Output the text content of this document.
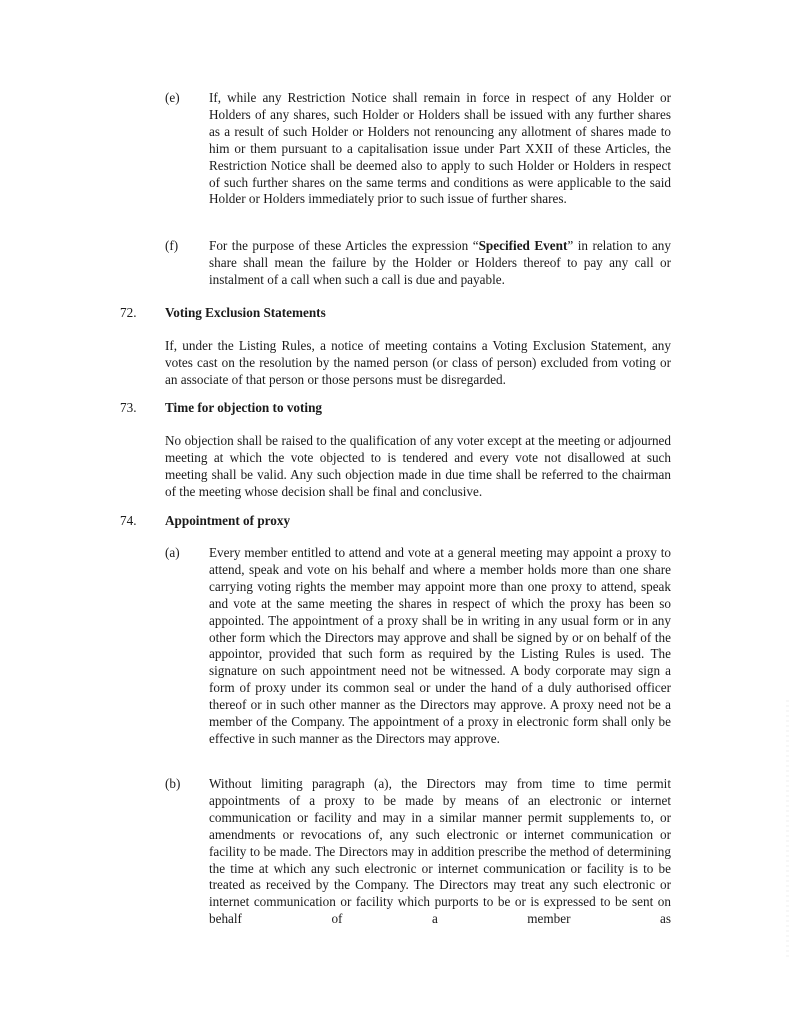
(e) If, while any Restriction Notice shall remain in force in respect of any Holder or Holders of any shares, such Holder or Holders shall be issued with any further shares as a result of such Holder or Holders not renouncing any allotment of shares made to him or them pursuant to a capitalisation issue under Part XXII of these Articles, the Restriction Notice shall be deemed also to apply to such Holder or Holders in respect of such further shares on the same terms and conditions as were applicable to the said Holder or Holders immediately prior to such issue of further shares.
(f) For the purpose of these Articles the expression “Specified Event” in relation to any share shall mean the failure by the Holder or Holders thereof to pay any call or instalment of a call when such a call is due and payable.
72. Voting Exclusion Statements
If, under the Listing Rules, a notice of meeting contains a Voting Exclusion Statement, any votes cast on the resolution by the named person (or class of person) excluded from voting or an associate of that person or those persons must be disregarded.
73. Time for objection to voting
No objection shall be raised to the qualification of any voter except at the meeting or adjourned meeting at which the vote objected to is tendered and every vote not disallowed at such meeting shall be valid. Any such objection made in due time shall be referred to the chairman of the meeting whose decision shall be final and conclusive.
74. Appointment of proxy
(a) Every member entitled to attend and vote at a general meeting may appoint a proxy to attend, speak and vote on his behalf and where a member holds more than one share carrying voting rights the member may appoint more than one proxy to attend, speak and vote at the same meeting the shares in respect of which the proxy has been so appointed. The appointment of a proxy shall be in writing in any usual form or in any other form which the Directors may approve and shall be signed by or on behalf of the appointor, provided that such form as required by the Listing Rules is used. The signature on such appointment need not be witnessed. A body corporate may sign a form of proxy under its common seal or under the hand of a duly authorised officer thereof or in such other manner as the Directors may approve. A proxy need not be a member of the Company. The appointment of a proxy in electronic form shall only be effective in such manner as the Directors may approve.
(b) Without limiting paragraph (a), the Directors may from time to time permit appointments of a proxy to be made by means of an electronic or internet communication or facility and may in a similar manner permit supplements to, or amendments or revocations of, any such electronic or internet communication or facility to be made. The Directors may in addition prescribe the method of determining the time at which any such electronic or internet communication or facility is to be treated as received by the Company. The Directors may treat any such electronic or internet communication or facility which purports to be or is expressed to be sent on behalf of a member as
